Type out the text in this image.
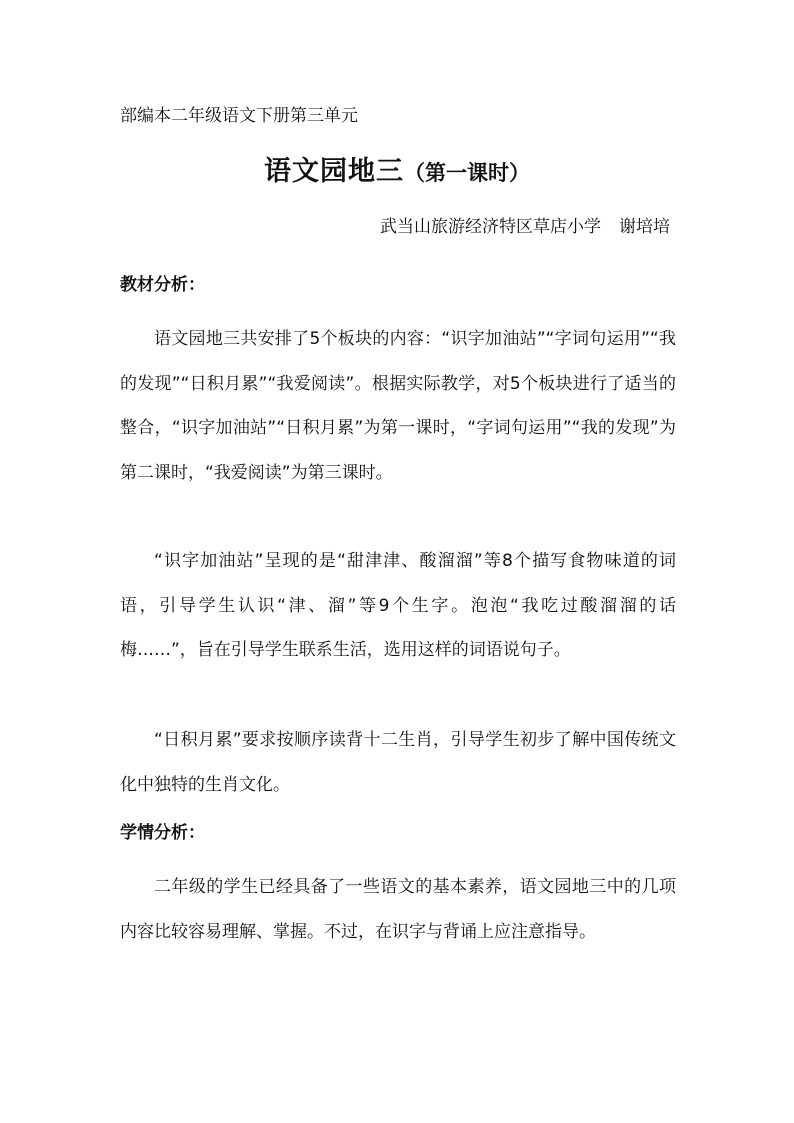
部编本二年级语文下册第三单元
语文园地三（第一课时）
武当山旅游经济特区草店小学 谢培培
教材分析：
语文园地三共安排了5个板块的内容：“识字加油站”“字词句运用”“我的发现”“日积月累”“我爱阅读”。根据实际教学，对5个板块进行了适当的整合，“识字加油站”“日积月累”为第一课时，“字词句运用”“我的发现”为第二课时，“我爱阅读”为第三课时。
“识字加油站”呈现的是“甜津津、酸溜溜”等8个描写食物味道的词语，引导学生认识“津、溜”等9个生字。泡泡“我吃过酸溜溜的话梅……”，旨在引导学生联系生活，选用这样的词语说句子。
“日积月累”要求按顺序读背十二生肖，引导学生初步了解中国传统文化中独特的生肖文化。
学情分析：
二年级的学生已经具备了一些语文的基本素养，语文园地三中的几项内容比较容易理解、掌握。不过，在识字与背诵上应注意指导。
